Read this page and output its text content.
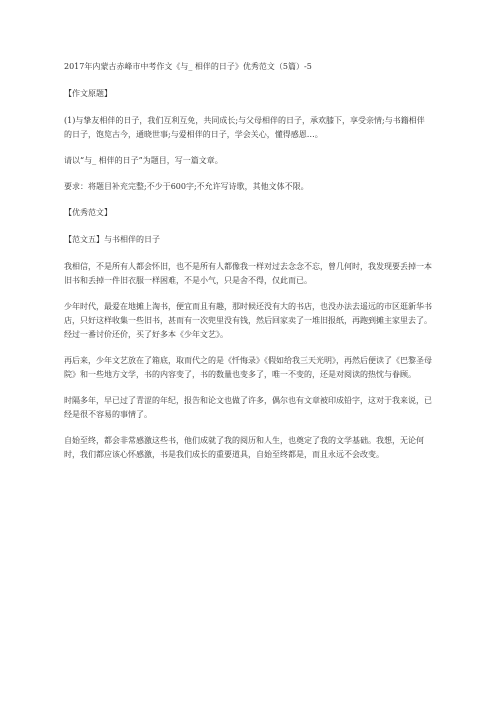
2017年内蒙古赤峰市中考作文《与_ 相伴的日子》优秀范文（5篇）-5

【作文原题】

(1)与挚友相伴的日子，我们互利互免，共同成长;与父母相伴的日子，承欢膝下，享受亲情;与书籍相伴的日子，饱览古今，通晓世事;与爱相伴的日子，学会关心，懂得感恩…。

请以“与_ 相伴的日子”为题目，写一篇文章。

要求：将题目补充完整;不少于600字;不允许写诗歌，其他文体不限。

【优秀范文】

【范文五】与书相伴的日子

我相信，不是所有人都会怀旧，也不是所有人都像我一样对过去念念不忘，曾几何时，我发现要丢掉一本旧书和丢掉一件旧衣服一样困难，不是小气，只是舍不得，仅此而已。

少年时代，最爱在地摊上淘书，便宜而且有趣，那时候还没有大的书店，也没办法去遥远的市区逛新华书店，只好这样收集一些旧书，甚而有一次兜里没有钱，然后回家卖了一堆旧报纸，再跑到摊主家里去了。经过一番讨价还价，买了好多本《少年文艺》。

再后来，少年文艺放在了箱底，取而代之的是《忏悔录》《假如给我三天光明》，再然后便读了《巴黎圣母院》和一些地方文学，书的内容变了，书的数量也变多了，唯一不变的，还是对阅读的热忱与眷顾。

时隔多年，早已过了青涩的年纪，报告和论文也做了许多，偶尔也有文章被印成铅字，这对于我来说，已经是很不容易的事情了。

自始至终，都会非常感激这些书，他们成就了我的阅历和人生，也奠定了我的文学基础。我想，无论何时，我们都应该心怀感激，书是我们成长的重要道具，自始至终都是，而且永远不会改变。
